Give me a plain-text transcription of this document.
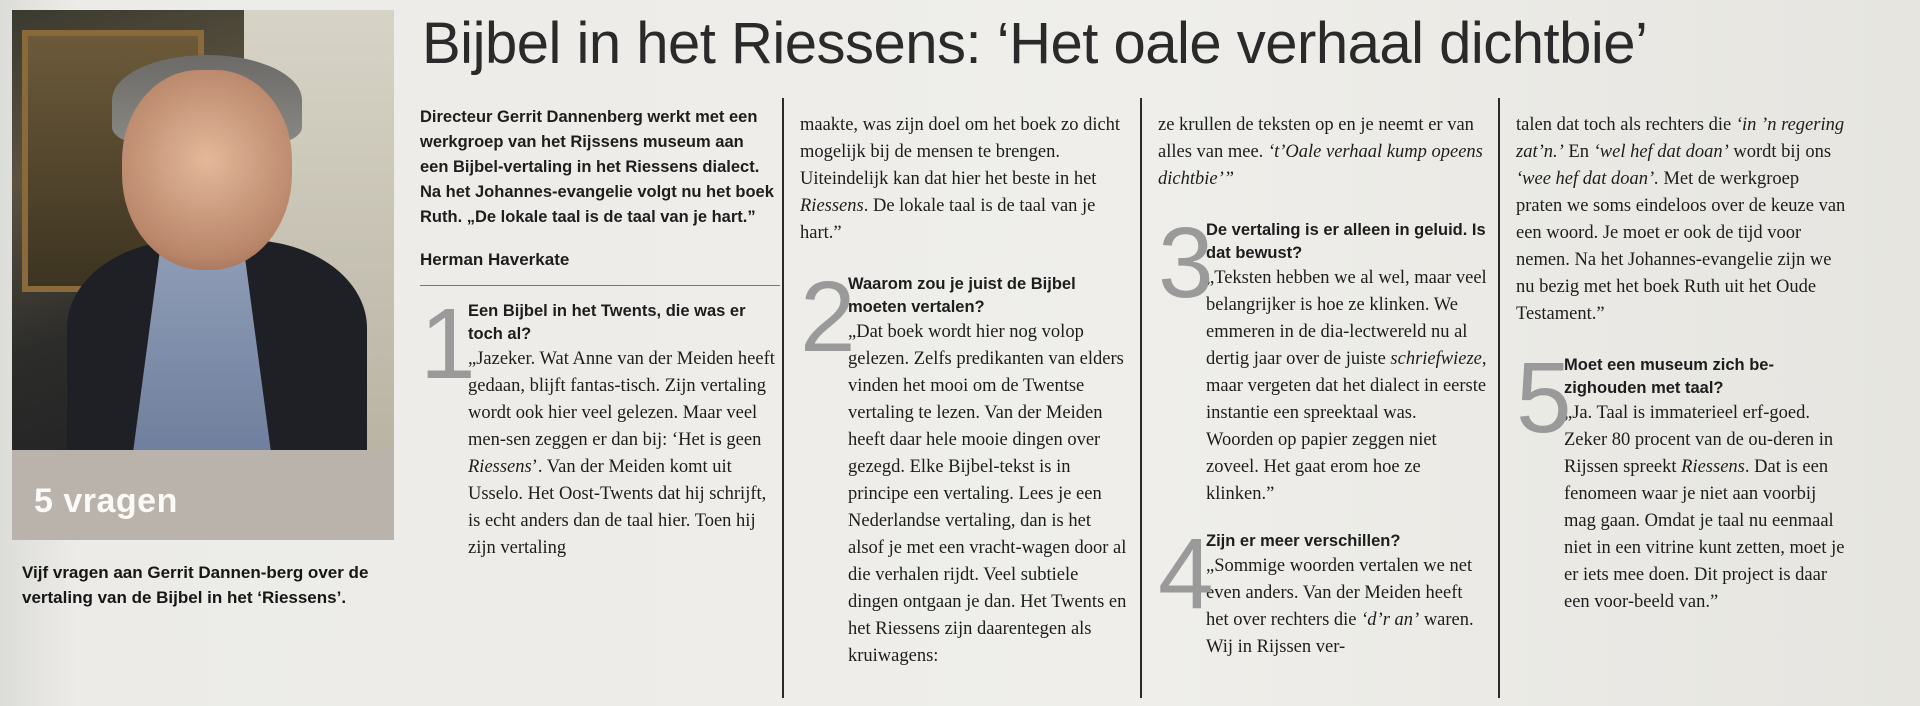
5 vragen
Vijf vragen aan Gerrit Dannen-berg over de vertaling van de Bijbel in het ‘Riessens’.
Bijbel in het Riessens: ‘Het oale verhaal dichtbie’
Directeur Gerrit Dannenberg werkt met een werkgroep van het Rijssens museum aan een Bijbel-vertaling in het Riessens dialect. Na het Johannes-evangelie volgt nu het boek Ruth. „De lokale taal is de taal van je hart.”
Herman Haverkate
1
Een Bijbel in het Twents, die was er toch al?
„Jazeker. Wat Anne van der Meiden heeft gedaan, blijft fantas-tisch. Zijn vertaling wordt ook hier veel gelezen. Maar veel men-sen zeggen er dan bij: ‘Het is geen Riessens’. Van der Meiden komt uit Usselo. Het Oost-Twents dat hij schrijft, is echt anders dan de taal hier. Toen hij zijn vertaling
maakte, was zijn doel om het boek zo dicht mogelijk bij de mensen te brengen. Uiteindelijk kan dat hier het beste in het Riessens. De lokale taal is de taal van je hart.”
2
Waarom zou je juist de Bijbel moeten vertalen?
„Dat boek wordt hier nog volop gelezen. Zelfs predikanten van elders vinden het mooi om de Twentse vertaling te lezen. Van der Meiden heeft daar hele mooie dingen over gezegd. Elke Bijbel-tekst is in principe een vertaling. Lees je een Nederlandse vertaling, dan is het alsof je met een vracht-wagen door al die verhalen rijdt. Veel subtiele dingen ontgaan je dan. Het Twents en het Riessens zijn daarentegen als kruiwagens:
ze krullen de teksten op en je neemt er van alles van mee. ‘t’Oale verhaal kump opeens dichtbie’”
3
De vertaling is er alleen in geluid. Is dat bewust?
„Teksten hebben we al wel, maar veel belangrijker is hoe ze klinken. We emmeren in de dia-lectwereld nu al dertig jaar over de juiste schriefwieze, maar vergeten dat het dialect in eerste instantie een spreektaal was. Woorden op papier zeggen niet zoveel. Het gaat erom hoe ze klinken.”
4
Zijn er meer verschillen?
„Sommige woorden vertalen we net even anders. Van der Meiden heeft het over rechters die ‘d’r an’ waren. Wij in Rijssen ver-
talen dat toch als rechters die ‘in ’n regering zat’n.’ En ‘wel hef dat doan’ wordt bij ons ‘wee hef dat doan’. Met de werkgroep praten we soms eindeloos over de keuze van een woord. Je moet er ook de tijd voor nemen. Na het Johannes-evangelie zijn we nu bezig met het boek Ruth uit het Oude Testament.”
5
Moet een museum zich be-zighouden met taal?
„Ja. Taal is immaterieel erf-goed. Zeker 80 procent van de ou-deren in Rijssen spreekt Riessens. Dat is een fenomeen waar je niet aan voorbij mag gaan. Omdat je taal nu eenmaal niet in een vitrine kunt zetten, moet je er iets mee doen. Dit project is daar een voor-beeld van.”
